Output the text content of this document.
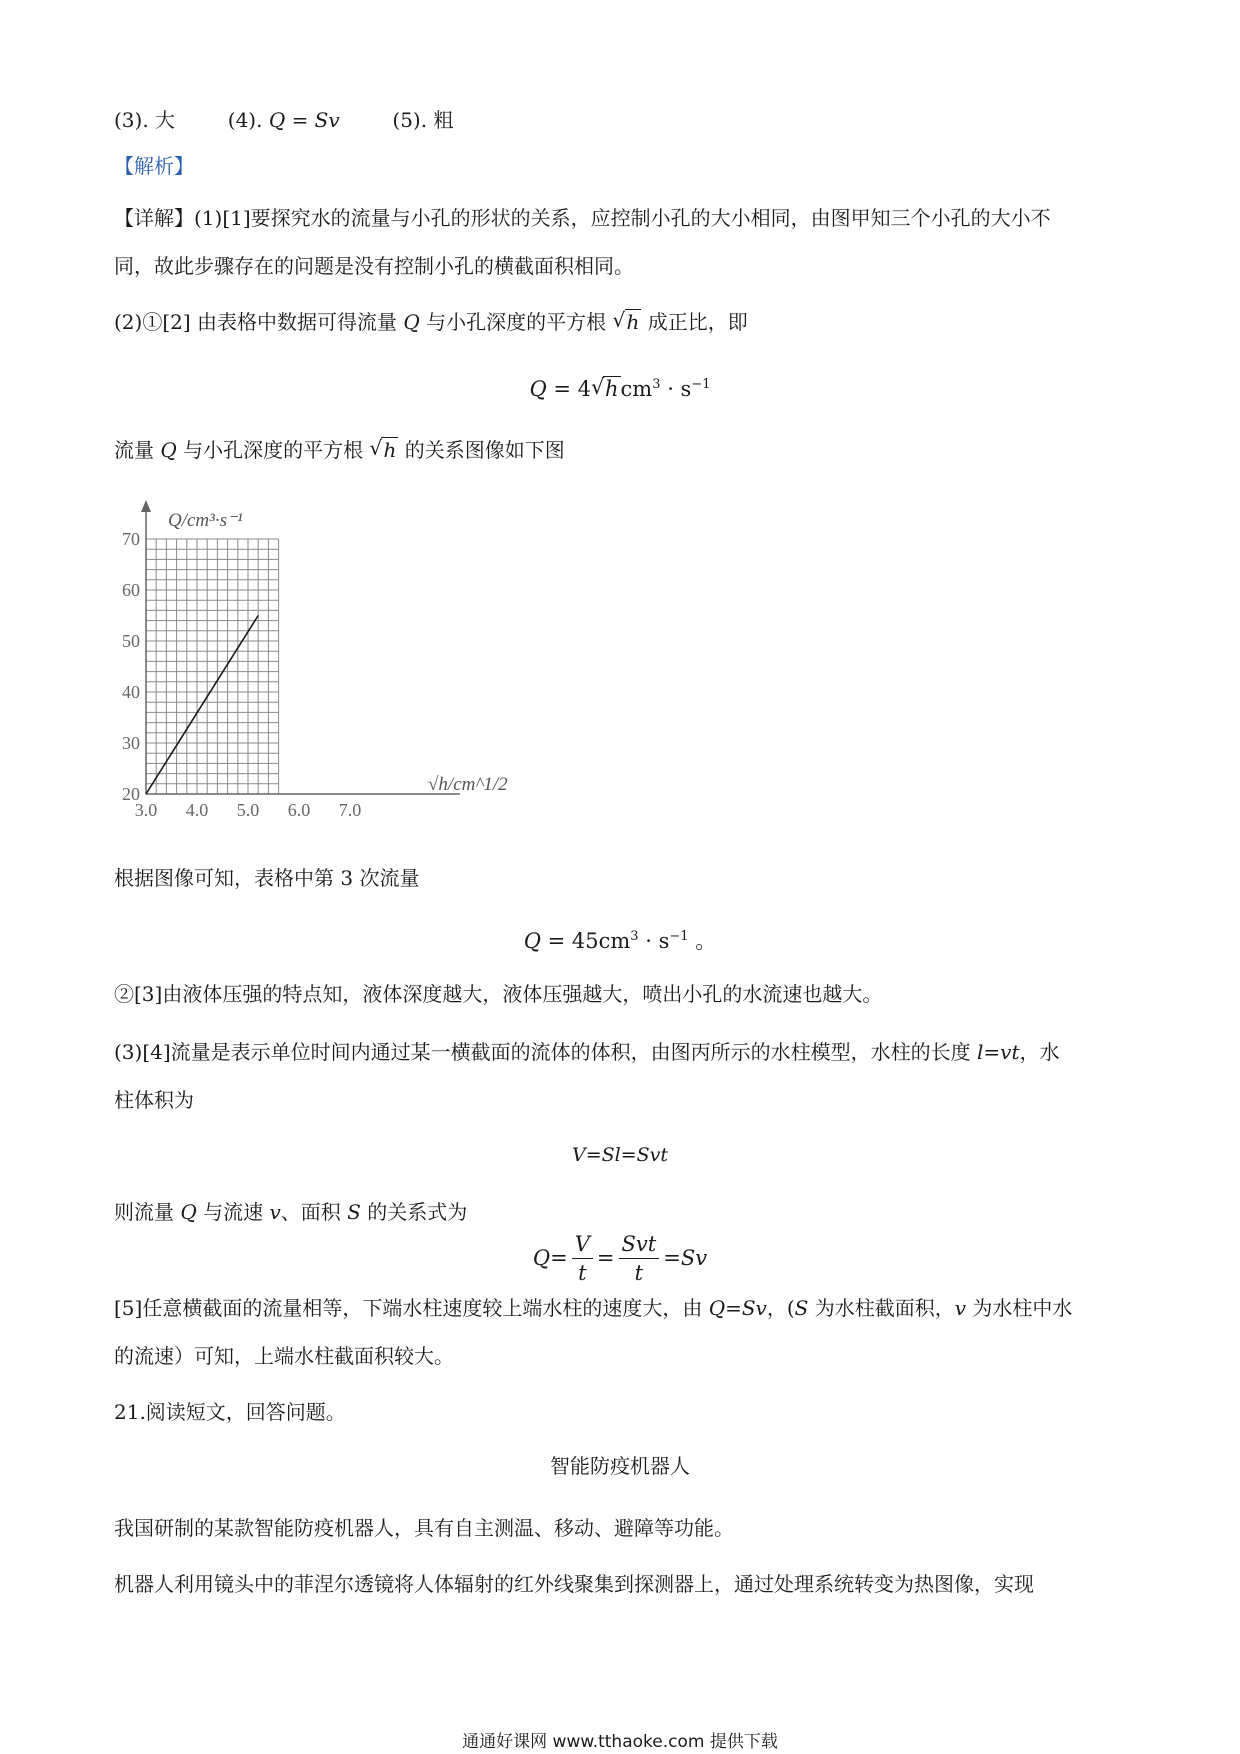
(3). 大	(4). Q = Sv	(5). 粗
【解析】
【详解】(1)[1]要探究水的流量与小孔的形状的关系，应控制小孔的大小相同，由图甲知三个小孔的大小不
同，故此步骤存在的问题是没有控制小孔的横截面积相同。
(2)①[2] 由表格中数据可得流量 Q 与小孔深度的平方根 √ h 成正比，即
Q = 4√ $hcm^3 \cdot s^{-1}$
流量 Q 与小孔深度的平方根 √ h 的关系图像如下图
20
30
40
50
60
70
3.0 4.0 5.0 6.0 7.0
Q/cm³·s⁻¹
√h/cm^1/2
根据图像可知，表格中第 3 次流量
$Q = 45cm^3 \cdot s^{-1}$ 。
②[3]由液体压强的特点知，液体深度越大，液体压强越大，喷出小孔的水流速也越大。
(3)[4]流量是表示单位时间内通过某一横截面的流体的体积，由图丙所示的水柱模型，水柱的长度 l=vt，水
柱体积为
V=Sl=Svt
则流量 Q 与流速 v、面积 S 的关系式为
$Q = \frac{V}{t} = \frac{\text{Svt}}{t} = Sv$
[5]任意横截面的流量相等，下端水柱速度较上端水柱的速度大，由 Q=Sv，(S 为水柱截面积，v 为水柱中水
的流速）可知，上端水柱截面积较大。
21.阅读短文，回答问题。
智能防疫机器人
我国研制的某款智能防疫机器人，具有自主测温、移动、避障等功能。
机器人利用镜头中的菲涅尔透镜将人体辐射的红外线聚集到探测器上，通过处理系统转变为热图像，实现
通通好课网 www.tthaoke.com 提供下载
